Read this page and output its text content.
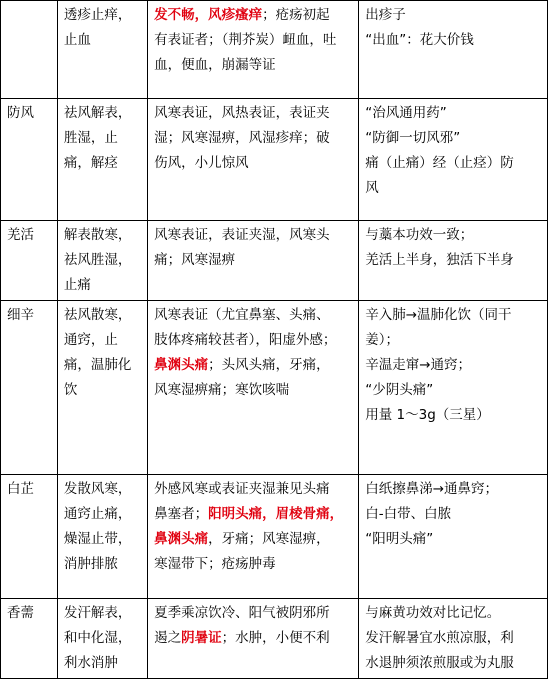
	透疹止痒，
止血	发不畅，风疹瘙痒；疮疡初起
有表证者；（荆芥炭）衄血，吐
血，便血，崩漏等证	出疹子
“出血”：花大价钱

防风	祛风解表，
胜湿，止
痛，解痉	风寒表证，风热表证，表证夹
湿；风寒湿痹，风湿疹痒；破
伤风，小儿惊风	“治风通用药”
“防御一切风邪”
痛（止痛）经（止痉）防
风

羌活	解表散寒，
祛风胜湿，
止痛	风寒表证，表证夹湿，风寒头
痛；风寒湿痹	与藁本功效一致；
羌活上半身，独活下半身

细辛	祛风散寒，
通窍，止
痛，温肺化
饮	风寒表证（尤宜鼻塞、头痛、
肢体疼痛较甚者），阳虚外感；
鼻渊头痛；头风头痛，牙痛，
风寒湿痹痛；寒饮咳喘	辛入肺→温肺化饮（同干
姜）；
辛温走窜→通窍；
“少阴头痛”
用量 1～3g（三星）

白芷	发散风寒，
通窍止痛，
燥湿止带，
消肿排脓	外感风寒或表证夹湿兼见头痛
鼻塞者；阳明头痛，眉棱骨痛，
鼻渊头痛，牙痛；风寒湿痹，
寒湿带下；疮疡肿毒	白纸擦鼻涕→通鼻窍；
白-白带、白脓
“阳明头痛”

香薷	发汗解表，
和中化湿，
利水消肿	夏季乘凉饮冷、阳气被阴邪所
遏之阴暑证；水肿，小便不利	与麻黄功效对比记忆。
发汗解暑宜水煎凉服，利
水退肿须浓煎服或为丸服
